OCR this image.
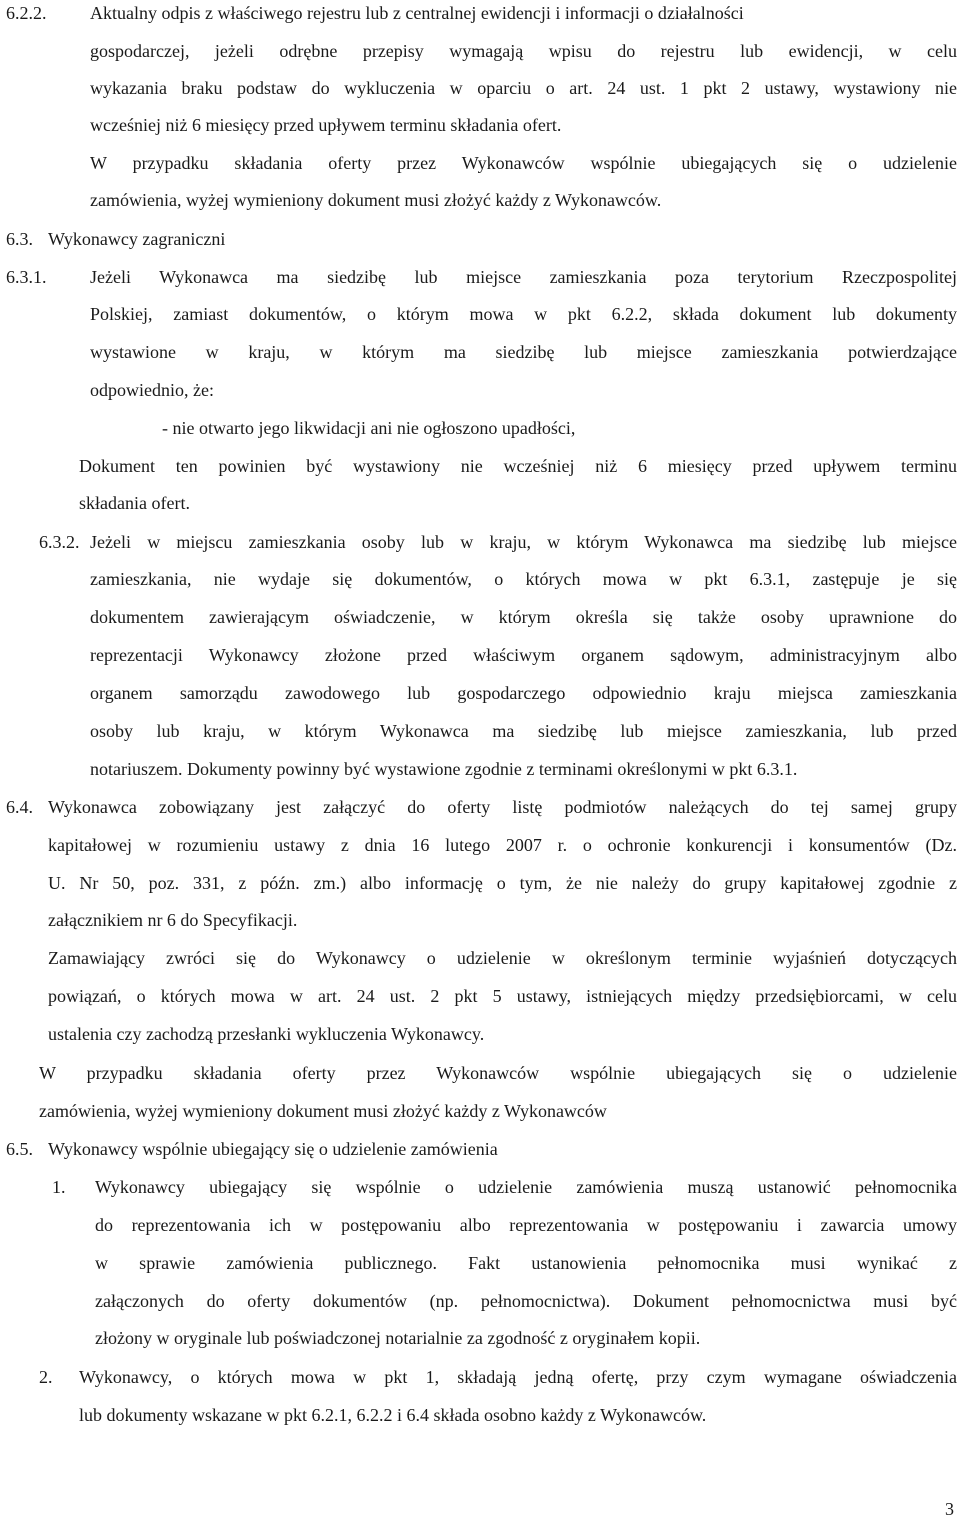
6.2.2. Aktualny odpis z właściwego rejestru lub z centralnej ewidencji i informacji o działalności
gospodarczej, jeżeli odrębne przepisy wymagają wpisu do rejestru lub ewidencji, w celu
wykazania braku podstaw do wykluczenia w oparciu o art. 24 ust. 1 pkt 2 ustawy, wystawiony nie
wcześniej niż 6 miesięcy przed upływem terminu składania ofert.
W przypadku składania oferty przez Wykonawców wspólnie ubiegających się o udzielenie
zamówienia, wyżej wymieniony dokument musi złożyć każdy z Wykonawców.
6.3. Wykonawcy zagraniczni
6.3.1. Jeżeli Wykonawca ma siedzibę lub miejsce zamieszkania poza terytorium Rzeczpospolitej
Polskiej, zamiast dokumentów, o którym mowa w pkt 6.2.2, składa dokument lub dokumenty
wystawione w kraju, w którym ma siedzibę lub miejsce zamieszkania potwierdzające
odpowiednio, że:
- nie otwarto jego likwidacji ani nie ogłoszono upadłości,
Dokument ten powinien być wystawiony nie wcześniej niż 6 miesięcy przed upływem terminu
składania ofert.
6.3.2. Jeżeli w miejscu zamieszkania osoby lub w kraju, w którym Wykonawca ma siedzibę lub miejsce
zamieszkania, nie wydaje się dokumentów, o których mowa w pkt 6.3.1, zastępuje je się
dokumentem zawierającym oświadczenie, w którym określa się także osoby uprawnione do
reprezentacji Wykonawcy złożone przed właściwym organem sądowym, administracyjnym albo
organem samorządu zawodowego lub gospodarczego odpowiednio kraju miejsca zamieszkania
osoby lub kraju, w którym Wykonawca ma siedzibę lub miejsce zamieszkania, lub przed
notariuszem. Dokumenty powinny być wystawione zgodnie z terminami określonymi w pkt 6.3.1.
6.4. Wykonawca zobowiązany jest załączyć do oferty listę podmiotów należących do tej samej grupy
kapitałowej w rozumieniu ustawy z dnia 16 lutego 2007 r. o ochronie konkurencji i konsumentów (Dz.
U. Nr 50, poz. 331, z późn. zm.) albo informację o tym, że nie należy do grupy kapitałowej zgodnie z
załącznikiem nr 6 do Specyfikacji.
Zamawiający zwróci się do Wykonawcy o udzielenie w określonym terminie wyjaśnień dotyczących
powiązań, o których mowa w art. 24 ust. 2 pkt 5 ustawy, istniejących między przedsiębiorcami, w celu
ustalenia czy zachodzą przesłanki wykluczenia Wykonawcy.
W przypadku składania oferty przez Wykonawców wspólnie ubiegających się o udzielenie
zamówienia, wyżej wymieniony dokument musi złożyć każdy z Wykonawców
6.5. Wykonawcy wspólnie ubiegający się o udzielenie zamówienia
1. Wykonawcy ubiegający się wspólnie o udzielenie zamówienia muszą ustanowić pełnomocnika
do reprezentowania ich w postępowaniu albo reprezentowania w postępowaniu i zawarcia umowy
w sprawie zamówienia publicznego. Fakt ustanowienia pełnomocnika musi wynikać z
załączonych do oferty dokumentów (np. pełnomocnictwa). Dokument pełnomocnictwa musi być
złożony w oryginale lub poświadczonej notarialnie za zgodność z oryginałem kopii.
2. Wykonawcy, o których mowa w pkt 1, składają jedną ofertę, przy czym wymagane oświadczenia
lub dokumenty wskazane w pkt 6.2.1, 6.2.2 i 6.4 składa osobno każdy z Wykonawców.
3
